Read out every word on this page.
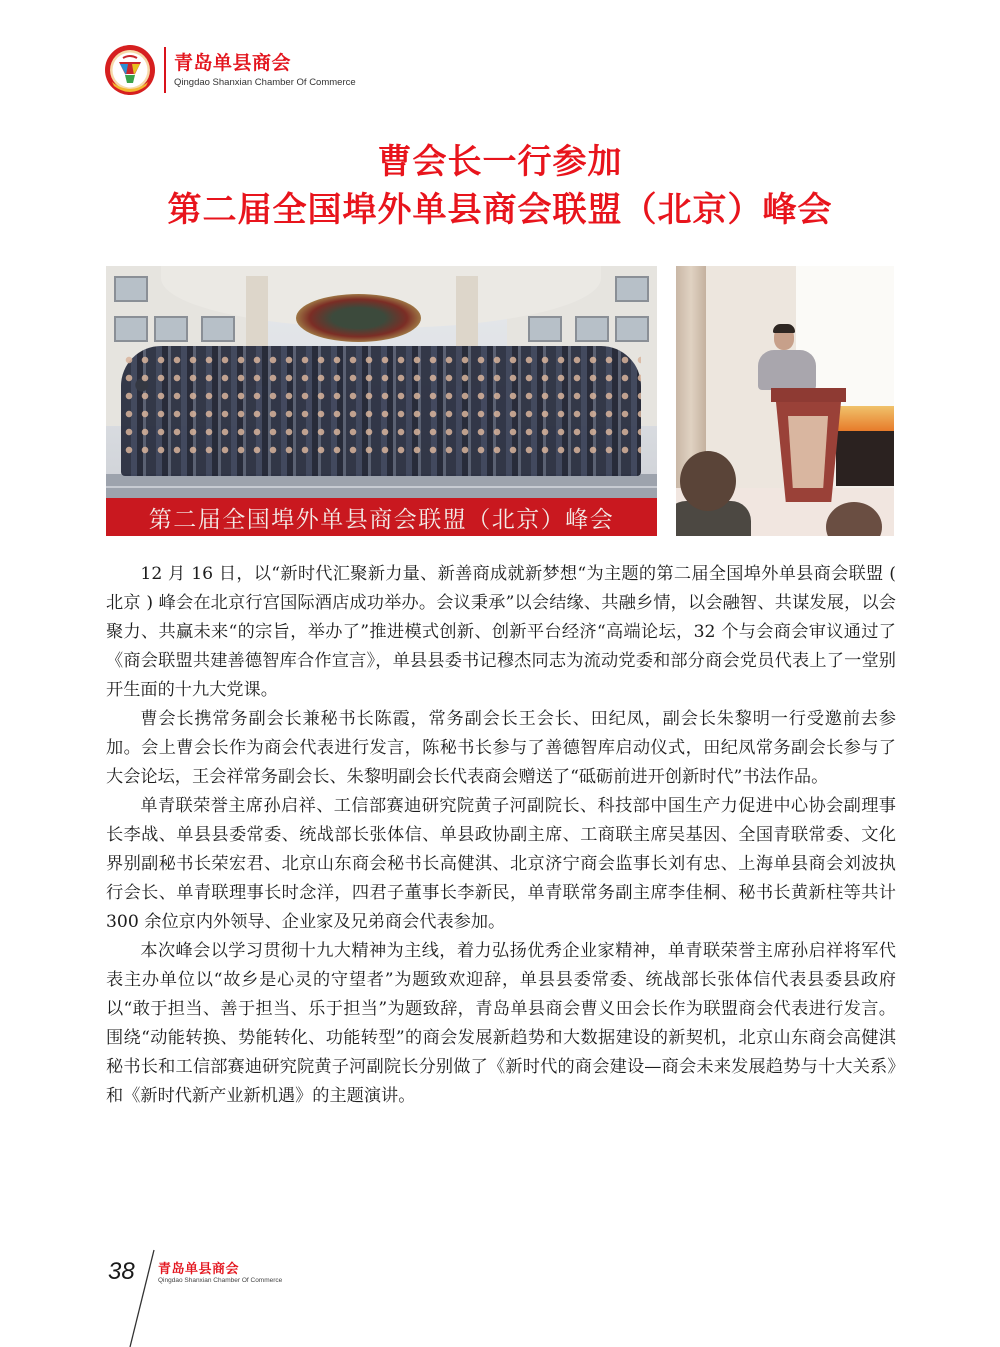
青岛单县商会
Qingdao Shanxian Chamber Of Commerce
曹会长一行参加
第二届全国埠外单县商会联盟（北京）峰会
第二届全国埠外单县商会联盟（北京）峰会

12 月 16 日，以“新时代汇聚新力量、新善商成就新梦想“为主题的第二届全国埠外单县商会联盟 ( 北京 ) 峰会在北京行宫国际酒店成功举办。会议秉承”以会结缘、共融乡情，以会融智、共谋发展，以会聚力、共赢未来“的宗旨，举办了”推进模式创新、创新平台经济“高端论坛，32 个与会商会审议通过了《商会联盟共建善德智库合作宣言》，单县县委书记穆杰同志为流动党委和部分商会党员代表上了一堂别开生面的十九大党课。

曹会长携常务副会长兼秘书长陈霞，常务副会长王会长、田纪凤，副会长朱黎明一行受邀前去参加。会上曹会长作为商会代表进行发言，陈秘书长参与了善德智库启动仪式，田纪凤常务副会长参与了大会论坛，王会祥常务副会长、朱黎明副会长代表商会赠送了“砥砺前进开创新时代”书法作品。

单青联荣誉主席孙启祥、工信部赛迪研究院黄子河副院长、科技部中国生产力促进中心协会副理事长李战、单县县委常委、统战部长张体信、单县政协副主席、工商联主席吴基因、全国青联常委、文化界别副秘书长荣宏君、北京山东商会秘书长高健淇、北京济宁商会监事长刘有忠、上海单县商会刘波执行会长、单青联理事长时念洋，四君子董事长李新民，单青联常务副主席李佳桐、秘书长黄新柱等共计 300 余位京内外领导、企业家及兄弟商会代表参加。

本次峰会以学习贯彻十九大精神为主线，着力弘扬优秀企业家精神，单青联荣誉主席孙启祥将军代表主办单位以“故乡是心灵的守望者”为题致欢迎辞，单县县委常委、统战部长张体信代表县委县政府以“敢于担当、善于担当、乐于担当”为题致辞，青岛单县商会曹义田会长作为联盟商会代表进行发言。围绕“动能转换、势能转化、功能转型”的商会发展新趋势和大数据建设的新契机，北京山东商会高健淇秘书长和工信部赛迪研究院黄子河副院长分别做了《新时代的商会建设—商会未来发展趋势与十大关系》和《新时代新产业新机遇》的主题演讲。

38 青岛单县商会
Qingdao Shanxian Chamber Of Commerce
